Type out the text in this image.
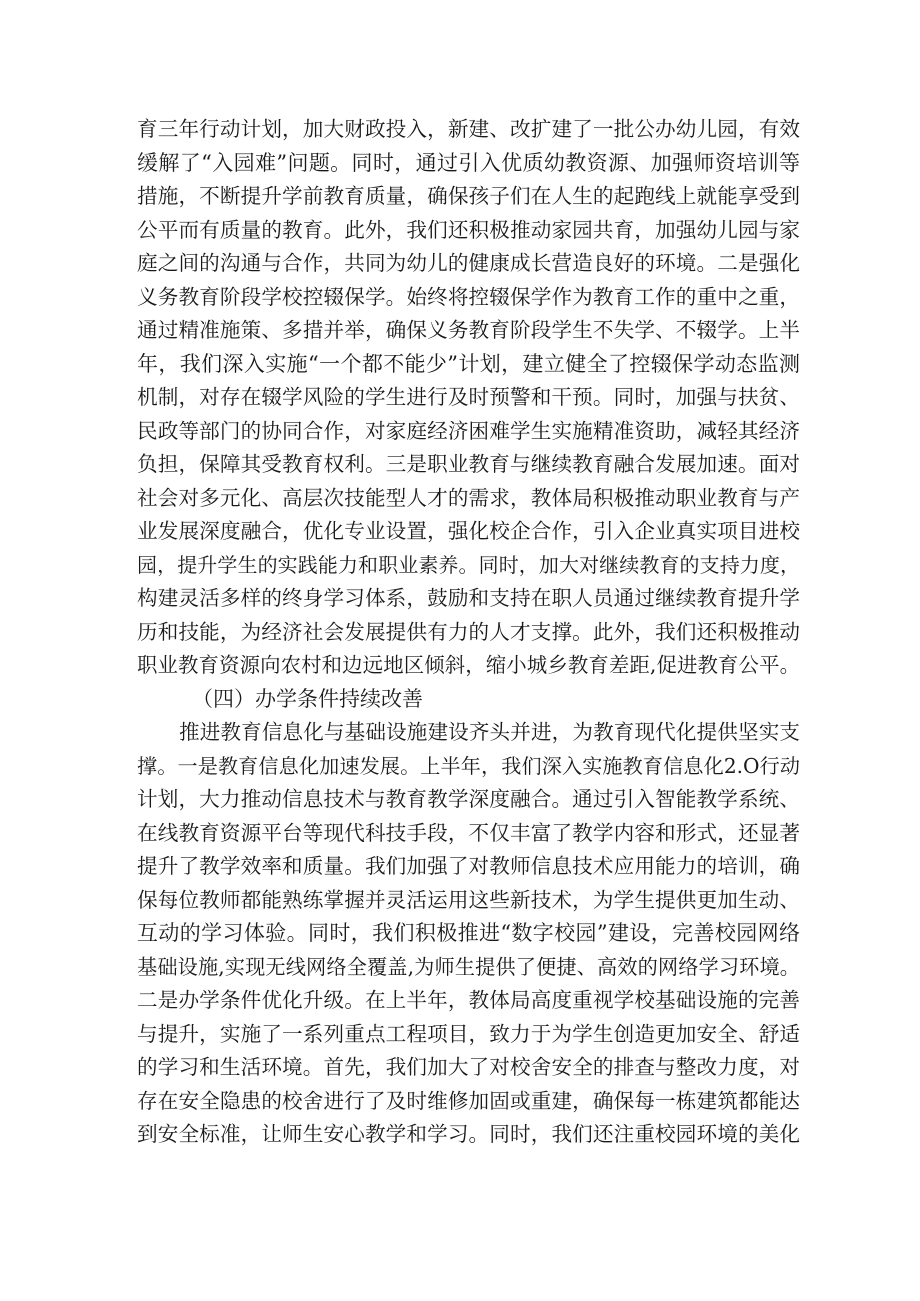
育三年行动计划，加大财政投入，新建、改扩建了一批公办幼儿园，有效
缓解了“入园难”问题。同时，通过引入优质幼教资源、加强师资培训等
措施，不断提升学前教育质量，确保孩子们在人生的起跑线上就能享受到
公平而有质量的教育。此外，我们还积极推动家园共育，加强幼儿园与家
庭之间的沟通与合作，共同为幼儿的健康成长营造良好的环境。二是强化
义务教育阶段学校控辍保学。始终将控辍保学作为教育工作的重中之重，
通过精准施策、多措并举，确保义务教育阶段学生不失学、不辍学。上半
年，我们深入实施“一个都不能少”计划，建立健全了控辍保学动态监测
机制，对存在辍学风险的学生进行及时预警和干预。同时，加强与扶贫、
民政等部门的协同合作，对家庭经济困难学生实施精准资助，减轻其经济
负担，保障其受教育权利。三是职业教育与继续教育融合发展加速。面对
社会对多元化、高层次技能型人才的需求，教体局积极推动职业教育与产
业发展深度融合，优化专业设置，强化校企合作，引入企业真实项目进校
园，提升学生的实践能力和职业素养。同时，加大对继续教育的支持力度，
构建灵活多样的终身学习体系，鼓励和支持在职人员通过继续教育提升学
历和技能，为经济社会发展提供有力的人才支撑。此外，我们还积极推动
职业教育资源向农村和边远地区倾斜，缩小城乡教育差距,促进教育公平。
（四）办学条件持续改善
推进教育信息化与基础设施建设齐头并进，为教育现代化提供坚实支
撑。一是教育信息化加速发展。上半年，我们深入实施教育信息化2.O行动
计划，大力推动信息技术与教育教学深度融合。通过引入智能教学系统、
在线教育资源平台等现代科技手段，不仅丰富了教学内容和形式，还显著
提升了教学效率和质量。我们加强了对教师信息技术应用能力的培训，确
保每位教师都能熟练掌握并灵活运用这些新技术，为学生提供更加生动、
互动的学习体验。同时，我们积极推进“数字校园”建设，完善校园网络
基础设施,实现无线网络全覆盖,为师生提供了便捷、高效的网络学习环境。
二是办学条件优化升级。在上半年，教体局高度重视学校基础设施的完善
与提升，实施了一系列重点工程项目，致力于为学生创造更加安全、舒适
的学习和生活环境。首先，我们加大了对校舍安全的排查与整改力度，对
存在安全隐患的校舍进行了及时维修加固或重建，确保每一栋建筑都能达
到安全标准，让师生安心教学和学习。同时，我们还注重校园环境的美化
